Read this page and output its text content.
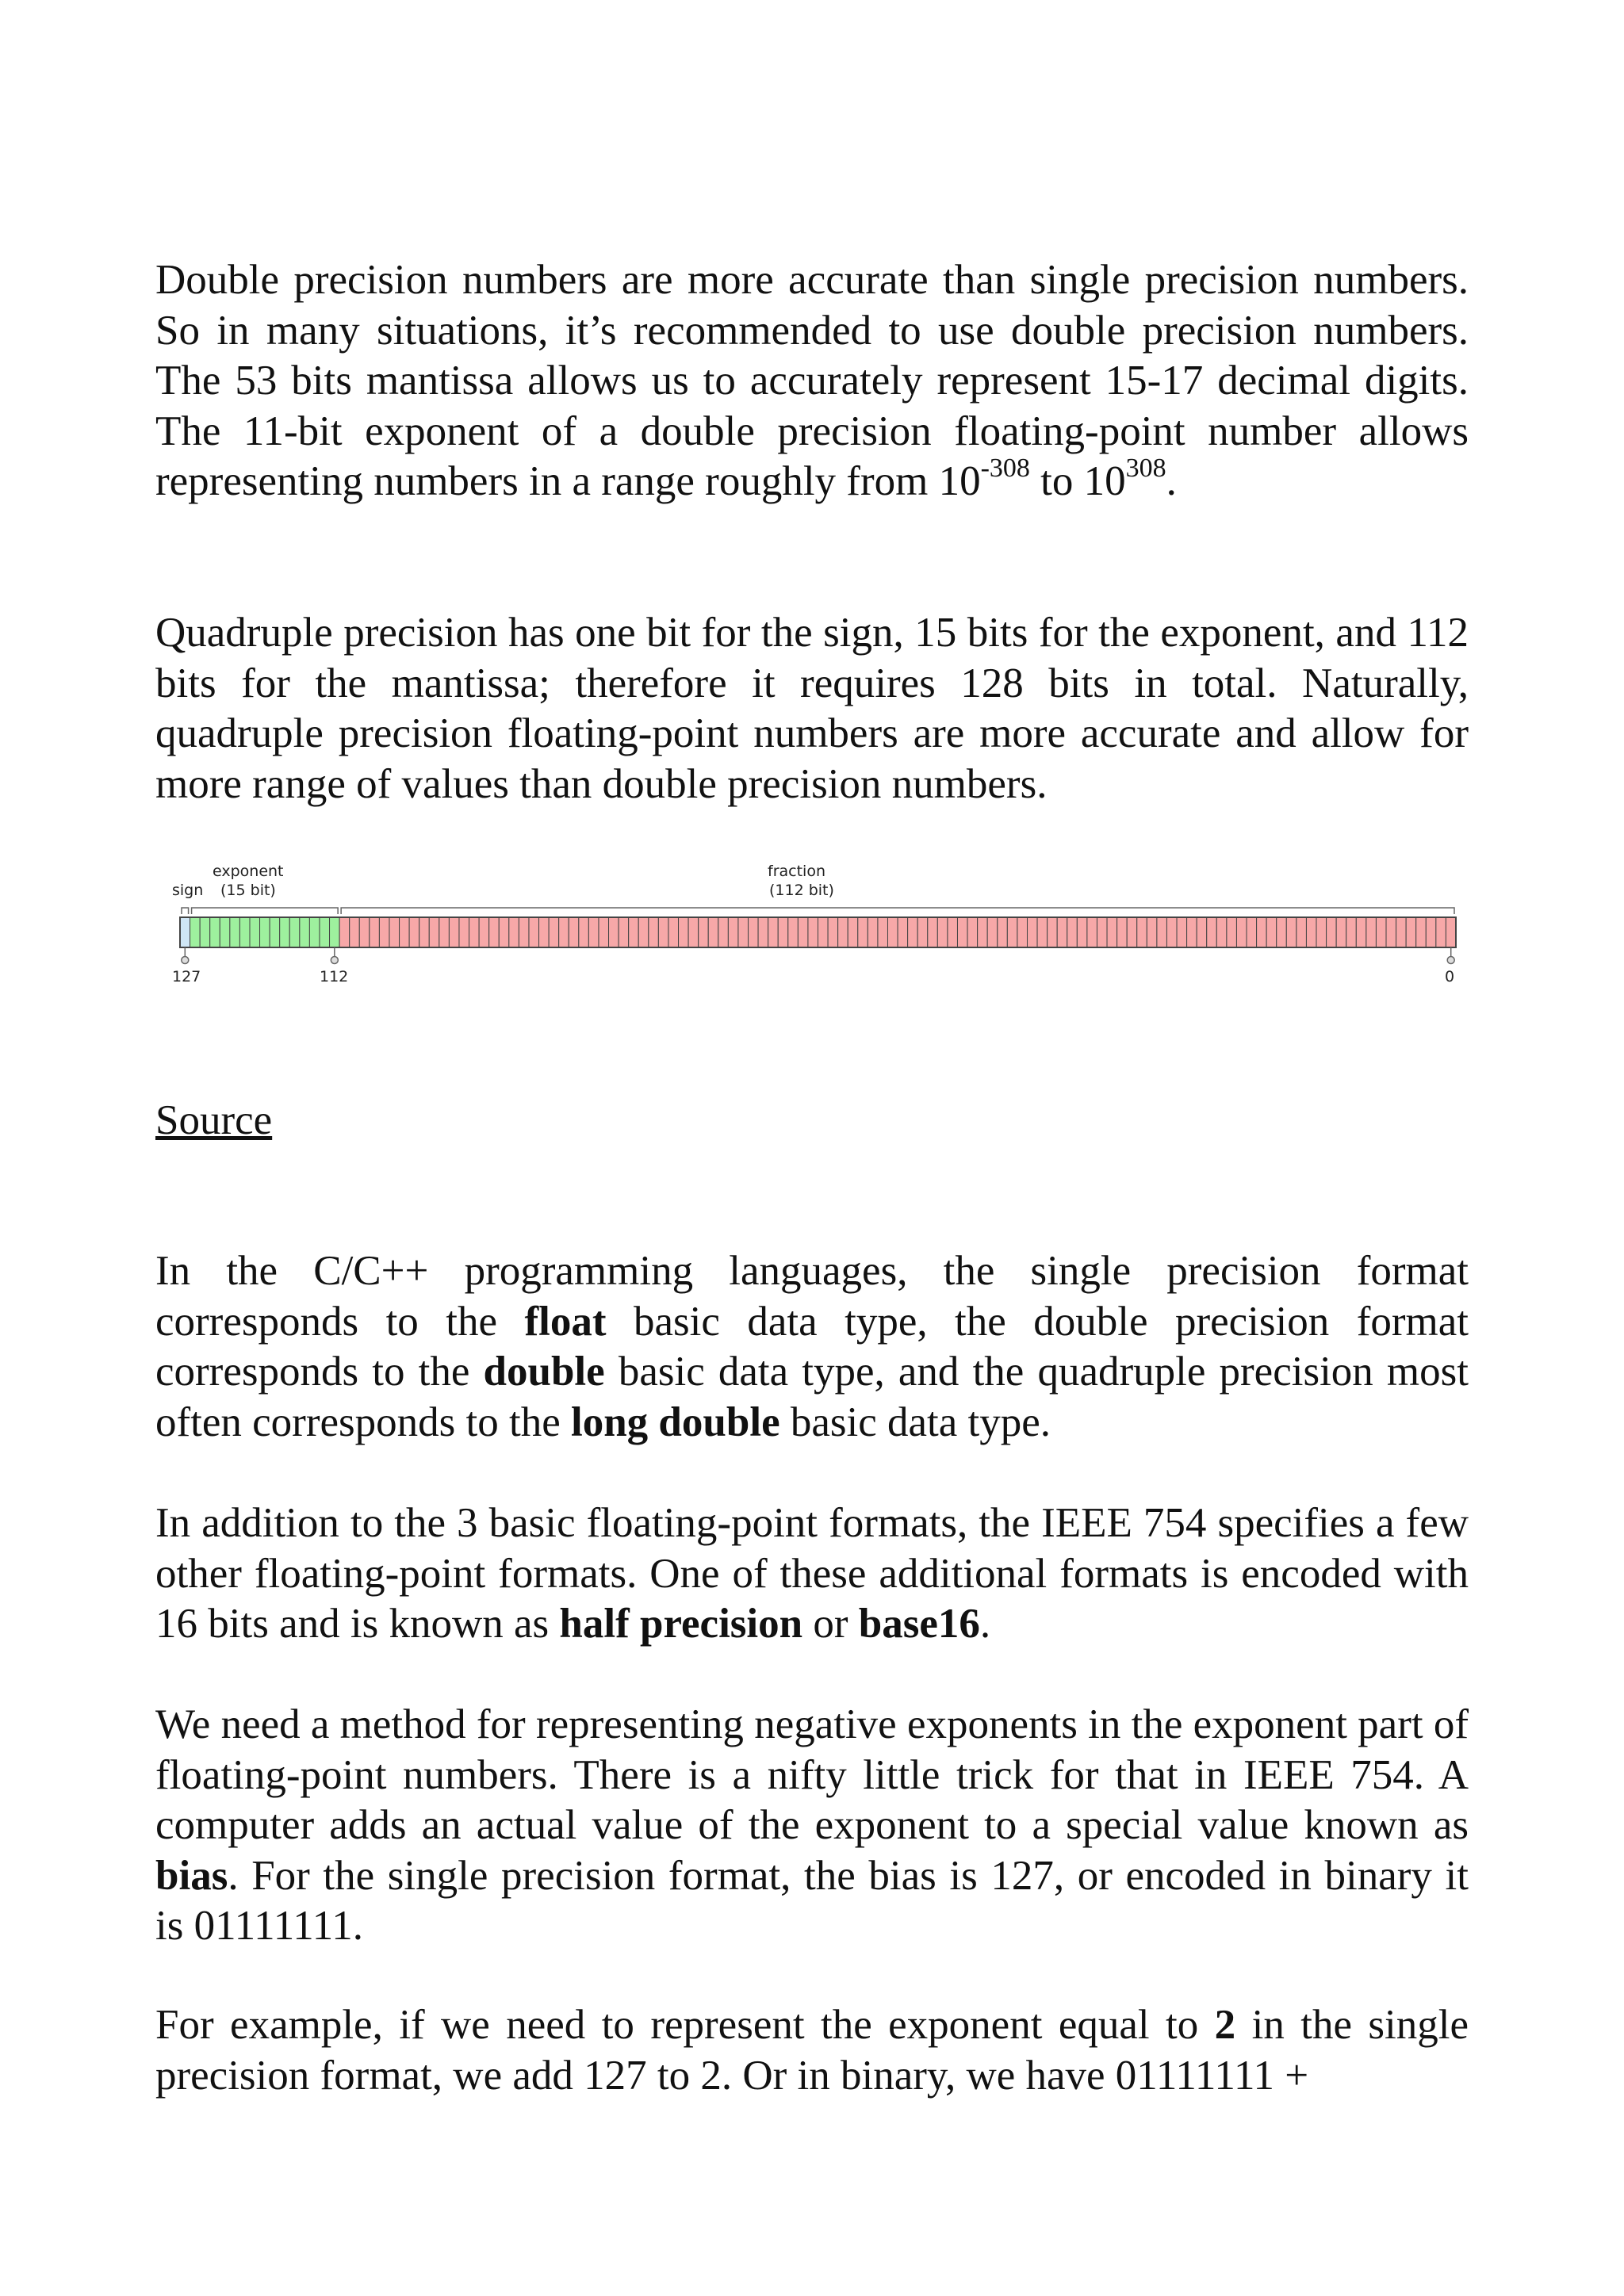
Double precision numbers are more accurate than single precision numbers. So in many situations, it’s recommended to use double precision numbers. The 53 bits mantissa allows us to accurately represent 15-17 decimal digits. The 11-bit exponent of a double precision floating-point number allows representing numbers in a range roughly from $10^{-308}$ to $10^{308}$.

Quadruple precision has one bit for the sign, 15 bits for the exponent, and 112 bits for the mantissa; therefore it requires 128 bits in total. Naturally, quadruple precision floating-point numbers are more accurate and allow for more range of values than double precision numbers.

exponent
sign (15 bit)
fraction
(112 bit)
127	112	0
Source

In the C/C++ programming languages, the single precision format corresponds to the float basic data type, the double precision format corresponds to the double basic data type, and the quadruple precision most often corresponds to the long double basic data type.

In addition to the 3 basic floating-point formats, the IEEE 754 specifies a few other floating-point formats. One of these additional formats is encoded with 16 bits and is known as half precision or base16.

We need a method for representing negative exponents in the exponent part of floating-point numbers. There is a nifty little trick for that in IEEE 754. A computer adds an actual value of the exponent to a special value known as bias. For the single precision format, the bias is 127, or encoded in binary it is 01111111.

For example, if we need to represent the exponent equal to 2 in the single precision format, we add 127 to 2. Or in binary, we have 01111111 +
